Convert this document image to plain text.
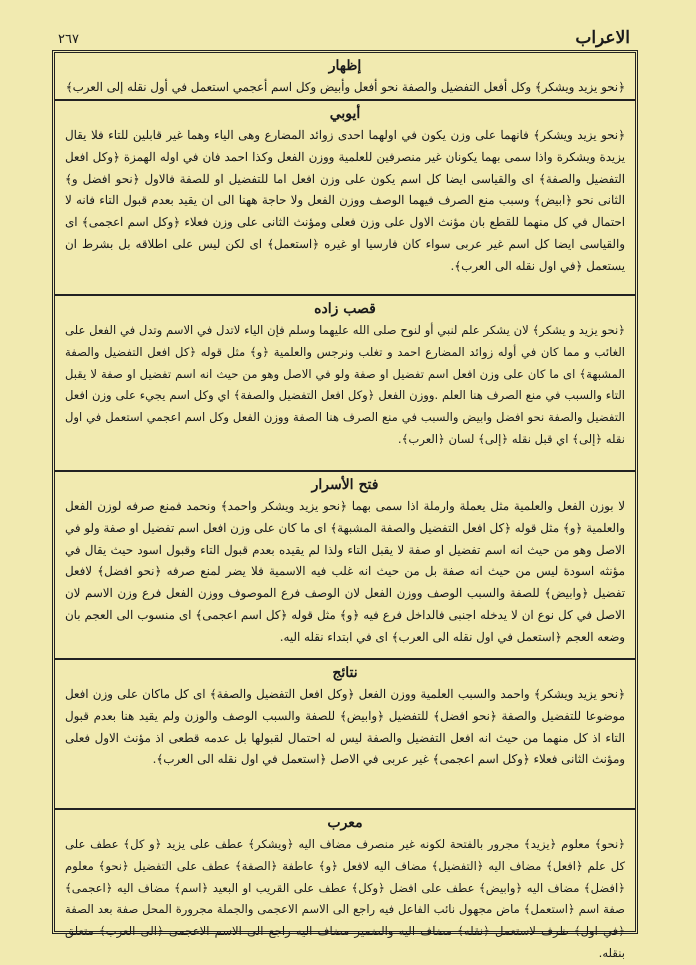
٢٦٧	الاعراب
إظهار
﴿نحو يزيد ويشكر﴾ وكل أفعل التفضيل والصفة نحو أفعل وأبيض وكل اسم أعجمي استعمل في أول نقله إلى العرب﴾
أيوبي
﴿نحو يزيد ويشكر﴾ فانهما على وزن يكون في اولهما احدى زوائد المضارع وهى الياء وهما غير قابلين للتاء فلا يقال يزيدة ويشكرة واذا سمى بهما يكونان غير منصرفين للعلمية ووزن الفعل وكذا احمد فان في اوله الهمزة ﴿وكل افعل التفضيل والصفة﴾ اى والقياسى ايضا كل اسم يكون على وزن افعل اما للتفضيل او للصفة فالاول ﴿نحو افضل و﴾ الثانى نحو ﴿ابيض﴾ وسبب منع الصرف فيهما الوصف ووزن الفعل ولا حاجة ههنا الى ان يقيد بعدم قبول التاء فانه لا احتمال في كل منهما للقطع بان مؤنث الاول على وزن فعلى ومؤنث الثانى على وزن فعلاء ﴿وكل اسم اعجمى﴾ اى والقياسى ايضا كل اسم غير عربى سواء كان فارسيا او غيره ﴿استعمل﴾ اى لكن ليس على اطلاقه بل بشرط ان يستعمل ﴿في اول نقله الى العرب﴾.
قصب زاده
﴿نحو يزيد و يشكر﴾ لان يشكر علم لنبي أو لنوح صلى الله عليهما وسلم فإن الياء لاتدل في الاسم وتدل في الفعل على الغائب و مما كان في أوله زوائد المضارع احمد و تغلب ونرجس والعلمية ﴿و﴾ مثل قوله ﴿كل افعل التفضيل والصفة المشبهة﴾ اى ما كان على وزن افعل اسم تفضيل او صفة ولو في الاصل وهو من حيث انه اسم تفضيل او صفة لا يقبل التاء والسبب في منع الصرف هنا العلم .ووزن الفعل ﴿وكل افعل التفضيل والصفة﴾ اي وكل اسم يجيء على وزن افعل التفضيل والصفة نحو افضل وابيض والسبب في منع الصرف هنا الصفة ووزن الفعل وكل اسم اعجمي استعمل في اول نقله ﴿إلى﴾ اي قبل نقله ﴿إلى﴾ لسان ﴿العرب﴾.
فتح الأسرار
لا بوزن الفعل والعلمية مثل يعملة وارملة اذا سمى بهما ﴿نحو يزيد ويشكر واحمد﴾ ونحمد فمنع صرفه لوزن الفعل والعلمية ﴿و﴾ مثل قوله ﴿كل افعل التفضيل والصفة المشبهة﴾ اى ما كان على وزن افعل اسم تفضيل او صفة ولو في الاصل وهو من حيث انه اسم تفضيل او صفة لا يقبل التاء ولذا لم يقيده بعدم قبول التاء وقبول اسود حيث يقال في مؤنثه اسودة ليس من حيث انه صفة بل من حيث انه غلب فيه الاسمية فلا يضر لمنع صرفه ﴿نحو افضل﴾ لافعل تفضيل ﴿وابيض﴾ للصفة والسبب الوصف ووزن الفعل لان الوصف فرع الموصوف ووزن الفعل فرع وزن الاسم لان الاصل في كل نوع ان لا يدخله اجنبى فالداخل فرع فيه ﴿و﴾ مثل قوله ﴿كل اسم اعجمى﴾ اى منسوب الى العجم بان وضعه العجم ﴿استعمل في اول نقله الى العرب﴾ اى في ابتداء نقله اليه.
نتائج
﴿نحو يزيد ويشكر﴾ واحمد والسبب العلمية ووزن الفعل ﴿وكل افعل التفضيل والصفة﴾ اى كل ماكان على وزن افعل موضوعا للتفضيل والصفة ﴿نحو افضل﴾ للتفضيل ﴿وابيض﴾ للصفة والسبب الوصف والوزن ولم يقيد هنا بعدم قبول التاء اذ كل منهما من حيث انه افعل التفضيل والصفة ليس له احتمال لقبولها بل عدمه قطعى اذ مؤنث الاول فعلى ومؤنث الثانى فعلاء ﴿وكل اسم اعجمى﴾ غير عربى في الاصل ﴿استعمل في اول نقله الى العرب﴾.
معرب
﴿نحو﴾ معلوم ﴿يزيد﴾ مجرور بالفتحة لكونه غير منصرف مضاف اليه ﴿ويشكر﴾ عطف على يزيد ﴿و كل﴾ عطف على كل علم ﴿افعل﴾ مضاف اليه ﴿التفضيل﴾ مضاف اليه لافعل ﴿و﴾ عاطفة ﴿الصفة﴾ عطف على التفضيل ﴿نحو﴾ معلوم ﴿افضل﴾ مضاف اليه ﴿وابيض﴾ عطف على افضل ﴿وكل﴾ عطف على القريب او البعيد ﴿اسم﴾ مضاف اليه ﴿اعجمى﴾ صفة اسم ﴿استعمل﴾ ماض مجهول نائب الفاعل فيه راجع الى الاسم الاعجمى والجملة مجرورة المحل صفة بعد الصفة ﴿في اول﴾ ظرف لاستعمل ﴿نقله﴾ مضاف اليه والضمير مضاف اليه راجع الى الاسم الاعجمى ﴿الى العرب﴾ متعلق بنقله.
